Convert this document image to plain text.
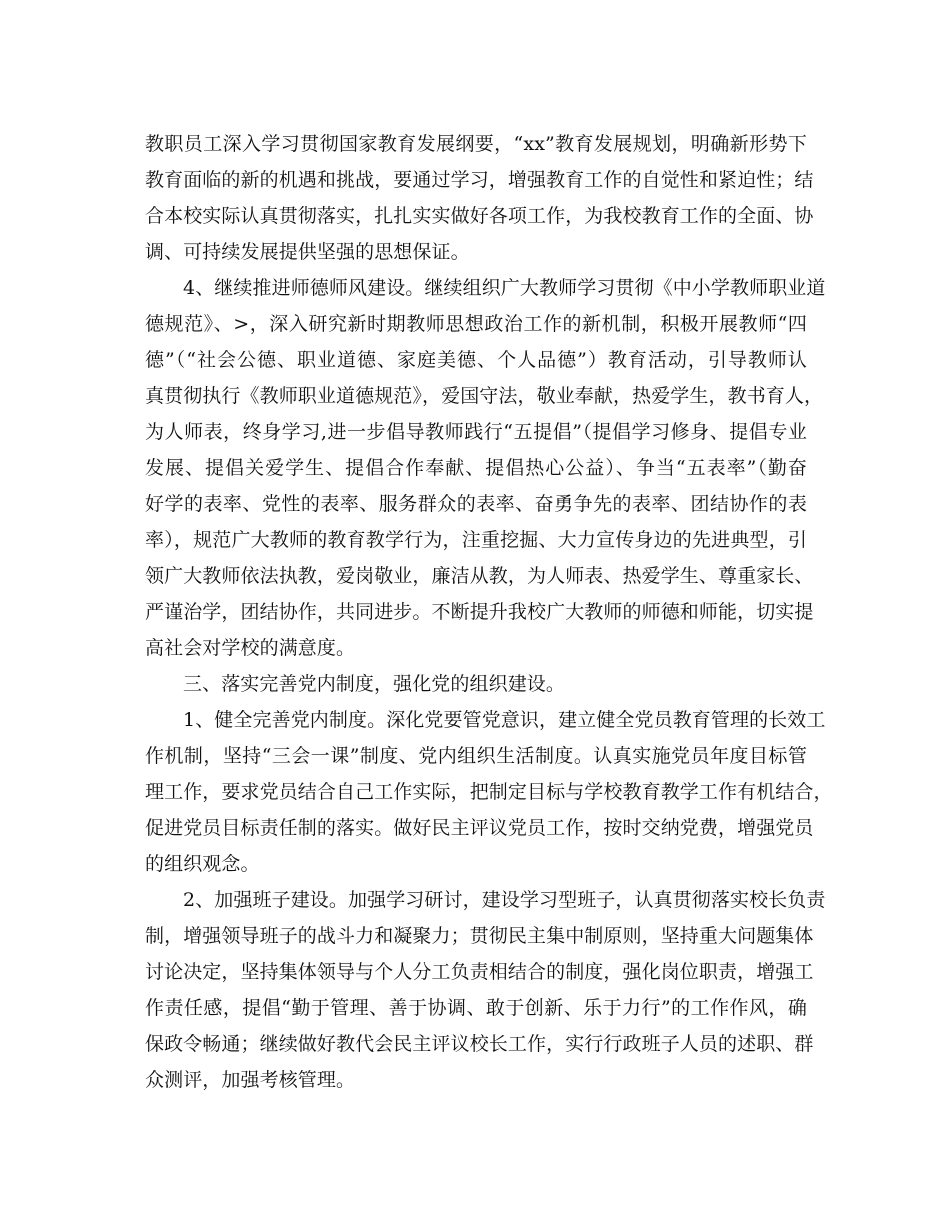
教职员工深入学习贯彻国家教育发展纲要，“xx”教育发展规划，明确新形势下
教育面临的新的机遇和挑战，要通过学习，增强教育工作的自觉性和紧迫性；结
合本校实际认真贯彻落实，扎扎实实做好各项工作，为我校教育工作的全面、协
调、可持续发展提供坚强的思想保证。
4、继续推进师德师风建设。继续组织广大教师学习贯彻《中小学教师职业道
德规范》、>，深入研究新时期教师思想政治工作的新机制，积极开展教师“四
德”（“社会公德、职业道德、家庭美德、个人品德”）教育活动，引导教师认
真贯彻执行《教师职业道德规范》，爱国守法，敬业奉献，热爱学生，教书育人，
为人师表，终身学习,进一步倡导教师践行“五提倡”（提倡学习修身、提倡专业
发展、提倡关爱学生、提倡合作奉献、提倡热心公益）、争当“五表率”（勤奋
好学的表率、党性的表率、服务群众的表率、奋勇争先的表率、团结协作的表
率），规范广大教师的教育教学行为，注重挖掘、大力宣传身边的先进典型，引
领广大教师依法执教，爱岗敬业，廉洁从教，为人师表、热爱学生、尊重家长、
严谨治学，团结协作，共同进步。不断提升我校广大教师的师德和师能，切实提
高社会对学校的满意度。
三、落实完善党内制度，强化党的组织建设。
1、健全完善党内制度。深化党要管党意识，建立健全党员教育管理的长效工
作机制，坚持“三会一课”制度、党内组织生活制度。认真实施党员年度目标管
理工作，要求党员结合自己工作实际，把制定目标与学校教育教学工作有机结合，
促进党员目标责任制的落实。做好民主评议党员工作，按时交纳党费，增强党员
的组织观念。
2、加强班子建设。加强学习研讨，建设学习型班子，认真贯彻落实校长负责
制，增强领导班子的战斗力和凝聚力；贯彻民主集中制原则，坚持重大问题集体
讨论决定，坚持集体领导与个人分工负责相结合的制度，强化岗位职责，增强工
作责任感，提倡“勤于管理、善于协调、敢于创新、乐于力行”的工作作风，确
保政令畅通；继续做好教代会民主评议校长工作，实行行政班子人员的述职、群
众测评，加强考核管理。
